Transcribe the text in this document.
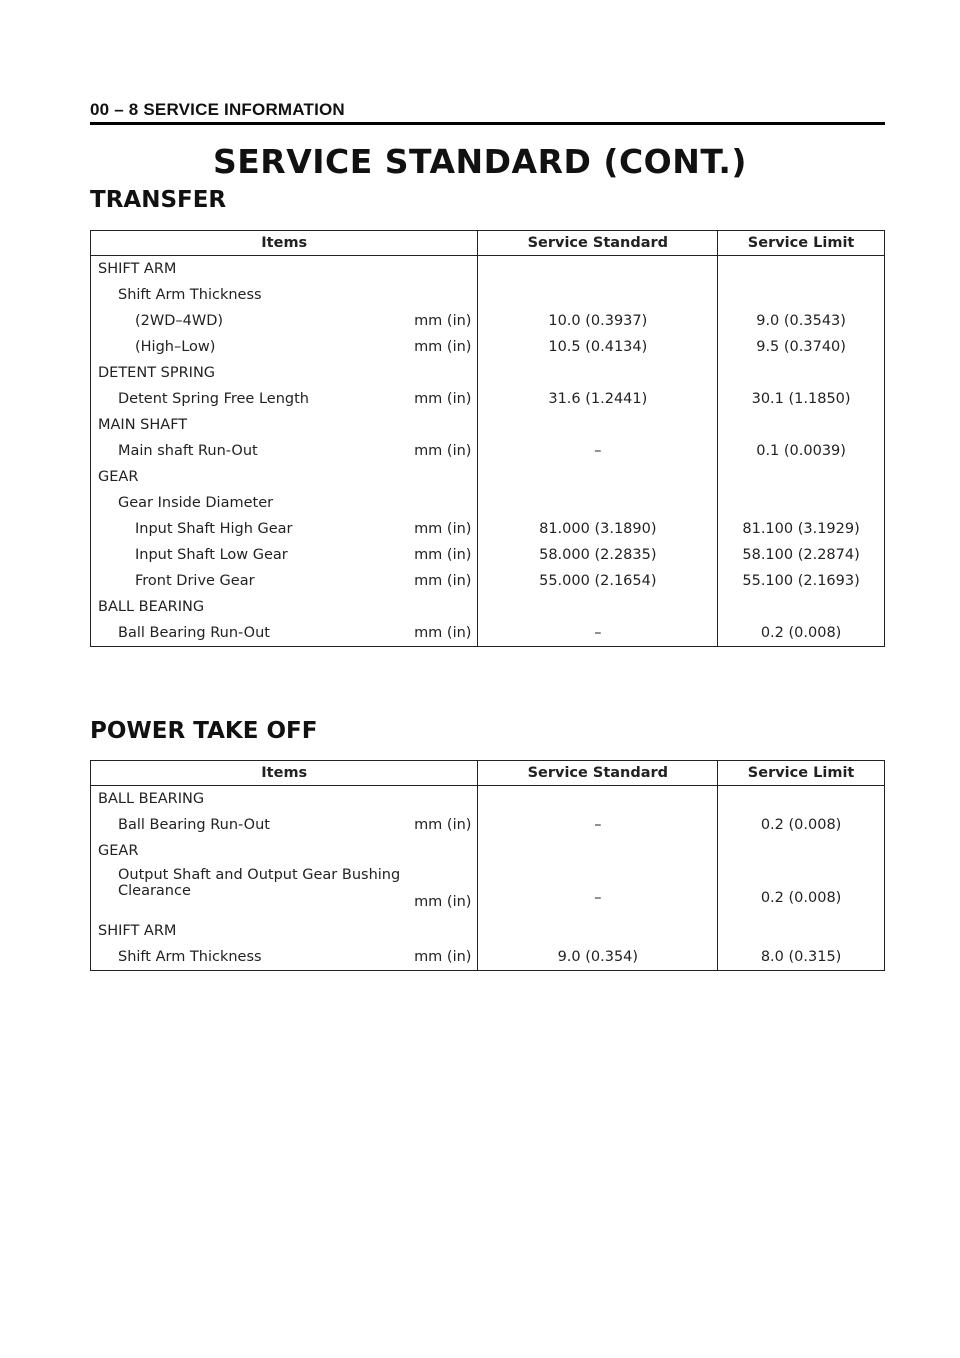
00 – 8 SERVICE INFORMATION
SERVICE STANDARD (CONT.)
TRANSFER
Items	Service Standard	Service Limit
SHIFT ARM

Shift Arm Thickness

(2WD–4WD) mm (in)	10.0 (0.3937)	9.0 (0.3543)
(High–Low) mm (in)	10.5 (0.4134)	9.5 (0.3740)
DETENT SPRING

Detent Spring Free Length mm (in)	31.6 (1.2441)	30.1 (1.1850)
MAIN SHAFT

Main shaft Run-Out mm (in)	–	0.1 (0.0039)
GEAR

Gear Inside Diameter

Input Shaft High Gear mm (in)	81.000 (3.1890)	81.100 (3.1929)
Input Shaft Low Gear mm (in)	58.000 (2.2835)	58.100 (2.2874)
Front Drive Gear mm (in)	55.000 (2.1654)	55.100 (2.1693)
BALL BEARING

Ball Bearing Run-Out mm (in)	–	0.2 (0.008)
POWER TAKE OFF
Items	Service Standard	Service Limit
BALL BEARING

Ball Bearing Run-Out mm (in)	–	0.2 (0.008)
GEAR

Output Shaft and Output Gear Bushing
Clearance
mm (in)	–	0.2 (0.008)
SHIFT ARM

Shift Arm Thickness mm (in)	9.0 (0.354)	8.0 (0.315)
